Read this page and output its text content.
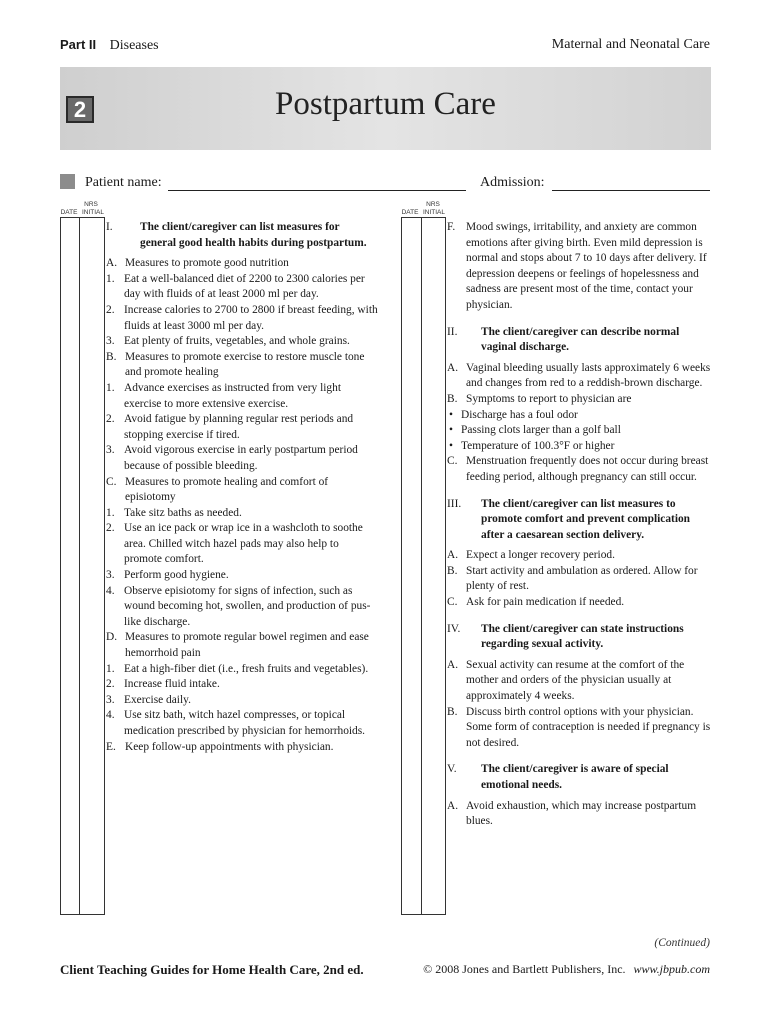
Part II Diseases	Maternal and Neonatal Care
2	Postpartum Care
Patient name:	Admission:
NRS
DATE INITIAL
NRS
DATE INITIAL

I. The client/caregiver can list measures for general good health habits during postpartum.

A. Measures to promote good nutrition

1. Eat a well-balanced diet of 2200 to 2300 calories per day with fluids of at least 2000 ml per day.

2. Increase calories to 2700 to 2800 if breast feeding, with fluids at least 3000 ml per day.

3. Eat plenty of fruits, vegetables, and whole grains.

B. Measures to promote exercise to restore muscle tone and promote healing

1. Advance exercises as instructed from very light exercise to more extensive exercise.

2. Avoid fatigue by planning regular rest periods and stopping exercise if tired.

3. Avoid vigorous exercise in early postpartum period because of possible bleeding.

C. Measures to promote healing and comfort of episiotomy

1. Take sitz baths as needed.

2. Use an ice pack or wrap ice in a washcloth to soothe area. Chilled witch hazel pads may also help to promote comfort.

3. Perform good hygiene.

4. Observe episiotomy for signs of infection, such as wound becoming hot, swollen, and production of pus-like discharge.

D. Measures to promote regular bowel regimen and ease hemorrhoid pain

1. Eat a high-fiber diet (i.e., fresh fruits and vegetables).

2. Increase fluid intake.

3. Exercise daily.

4. Use sitz bath, witch hazel compresses, or topical medication prescribed by physician for hemorrhoids.

E. Keep follow-up appointments with physician.

F. Mood swings, irritability, and anxiety are common emotions after giving birth. Even mild depression is normal and stops about 7 to 10 days after delivery. If depression deepens or feelings of hopelessness and sadness are present most of the time, contact your physician.

II. The client/caregiver can describe normal vaginal discharge.

A. Vaginal bleeding usually lasts approximately 6 weeks and changes from red to a reddish-brown discharge.

B. Symptoms to report to physician are

• Discharge has a foul odor

• Passing clots larger than a golf ball

• Temperature of 100.3°F or higher

C. Menstruation frequently does not occur during breast feeding period, although pregnancy can still occur.

III. The client/caregiver can list measures to promote comfort and prevent complication after a caesarean section delivery.

A. Expect a longer recovery period.

B. Start activity and ambulation as ordered. Allow for plenty of rest.

C. Ask for pain medication if needed.

IV. The client/caregiver can state instructions regarding sexual activity.

A. Sexual activity can resume at the comfort of the mother and orders of the physician usually at approximately 4 weeks.

B. Discuss birth control options with your physician. Some form of contraception is needed if pregnancy is not desired.

V. The client/caregiver is aware of special emotional needs.

A. Avoid exhaustion, which may increase postpartum blues.

(Continued)
Client Teaching Guides for Home Health Care, 2nd ed.	© 2008 Jones and Bartlett Publishers, Inc. www.jbpub.com
